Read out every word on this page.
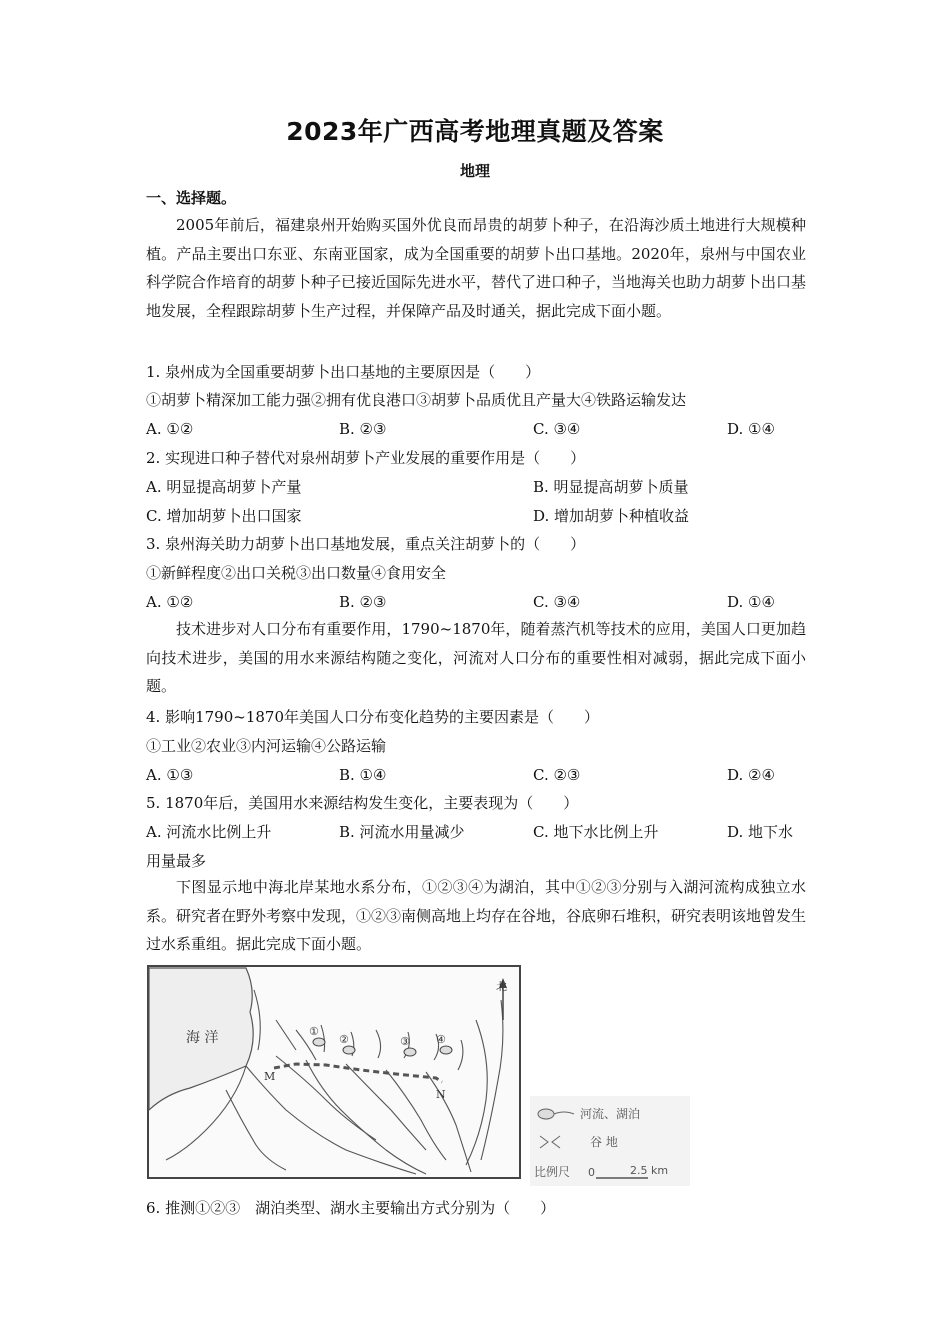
2023年广西高考地理真题及答案
地理
一、选择题。
2005年前后，福建泉州开始购买国外优良而昂贵的胡萝卜种子，在沿海沙质土地进行大规模种植。产品主要出口东亚、东南亚国家，成为全国重要的胡萝卜出口基地。2020年，泉州与中国农业科学院合作培育的胡萝卜种子已接近国际先进水平，替代了进口种子，当地海关也助力胡萝卜出口基地发展，全程跟踪胡萝卜生产过程，并保障产品及时通关，据此完成下面小题。
1. 泉州成为全国重要胡萝卜出口基地的主要原因是（　　）
①胡萝卜精深加工能力强②拥有优良港口③胡萝卜品质优且产量大④铁路运输发达
A. ①②	B. ②③	C. ③④	D. ①④
2. 实现进口种子替代对泉州胡萝卜产业发展的重要作用是（　　）
A. 明显提高胡萝卜产量	B. 明显提高胡萝卜质量
C. 增加胡萝卜出口国家	D. 增加胡萝卜种植收益
3. 泉州海关助力胡萝卜出口基地发展，重点关注胡萝卜的（　　）
①新鲜程度②出口关税③出口数量④食用安全
A. ①②	B. ②③	C. ③④	D. ①④
技术进步对人口分布有重要作用，1790~1870年，随着蒸汽机等技术的应用，美国人口更加趋向技术进步，美国的用水来源结构随之变化，河流对人口分布的重要性相对减弱，据此完成下面小题。
4. 影响1790~1870年美国人口分布变化趋势的主要因素是（　　）
①工业②农业③内河运输④公路运输
A. ①③	B. ①④	C. ②③	D. ②④
5. 1870年后，美国用水来源结构发生变化，主要表现为（　　）
A. 河流水比例上升	B. 河流水用量减少	C. 地下水比例上升	D. 地下水
用量最多
下图显示地中海北岸某地水系分布，①②③④为湖泊，其中①②③分别与入湖河流构成独立水系。研究者在野外考察中发现，①②③南侧高地上均存在谷地，谷底卵石堆积，研究表明该地曾发生过水系重组。据此完成下面小题。
北
海 洋
M
N
①
②	③ ④
河流、湖泊
谷 地
比例尺 0	2.5 km
6. 推测①②③　湖泊类型、湖水主要输出方式分别为（　　）
